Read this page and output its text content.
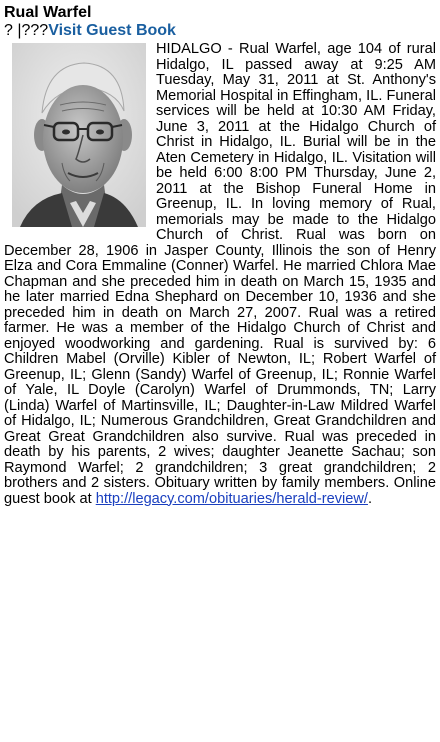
Rual Warfel
? |???Visit Guest Book

HIDALGO - Rual Warfel, age 104 of rural Hidalgo, IL passed away at 9:25 AM Tuesday, May 31, 2011 at St. Anthony's Memorial Hospital in Effingham, IL. Funeral services will be held at 10:30 AM Friday, June 3, 2011 at the Hidalgo Church of Christ in Hidalgo, IL. Burial will be in the Aten Cemetery in Hidalgo, IL. Visitation will be held 6:00 8:00 PM Thursday, June 2, 2011 at the Bishop Funeral Home in Greenup, IL. In loving memory of Rual, memorials may be made to the Hidalgo Church of Christ. Rual was born on December 28, 1906 in Jasper County, Illinois the son of Henry Elza and Cora Emmaline (Conner) Warfel. He married Chlora Mae Chapman and she preceded him in death on March 15, 1935 and he later married Edna Shephard on December 10, 1936 and she preceded him in death on March 27, 2007. Rual was a retired farmer. He was a member of the Hidalgo Church of Christ and enjoyed woodworking and gardening. Rual is survived by: 6 Children Mabel (Orville) Kibler of Newton, IL; Robert Warfel of Greenup, IL; Glenn (Sandy) Warfel of Greenup, IL; Ronnie Warfel of Yale, IL Doyle (Carolyn) Warfel of Drummonds, TN; Larry (Linda) Warfel of Martinsville, IL; Daughter-in-Law Mildred Warfel of Hidalgo, IL; Numerous Grandchildren, Great Grandchildren and Great Great Grandchildren also survive. Rual was preceded in death by his parents, 2 wives; daughter Jeanette Sachau; son Raymond Warfel; 2 grandchildren; 3 great grandchildren; 2 brothers and 2 sisters. Obituary written by family members. Online guest book at http://legacy.com/obituaries/herald-review/.
